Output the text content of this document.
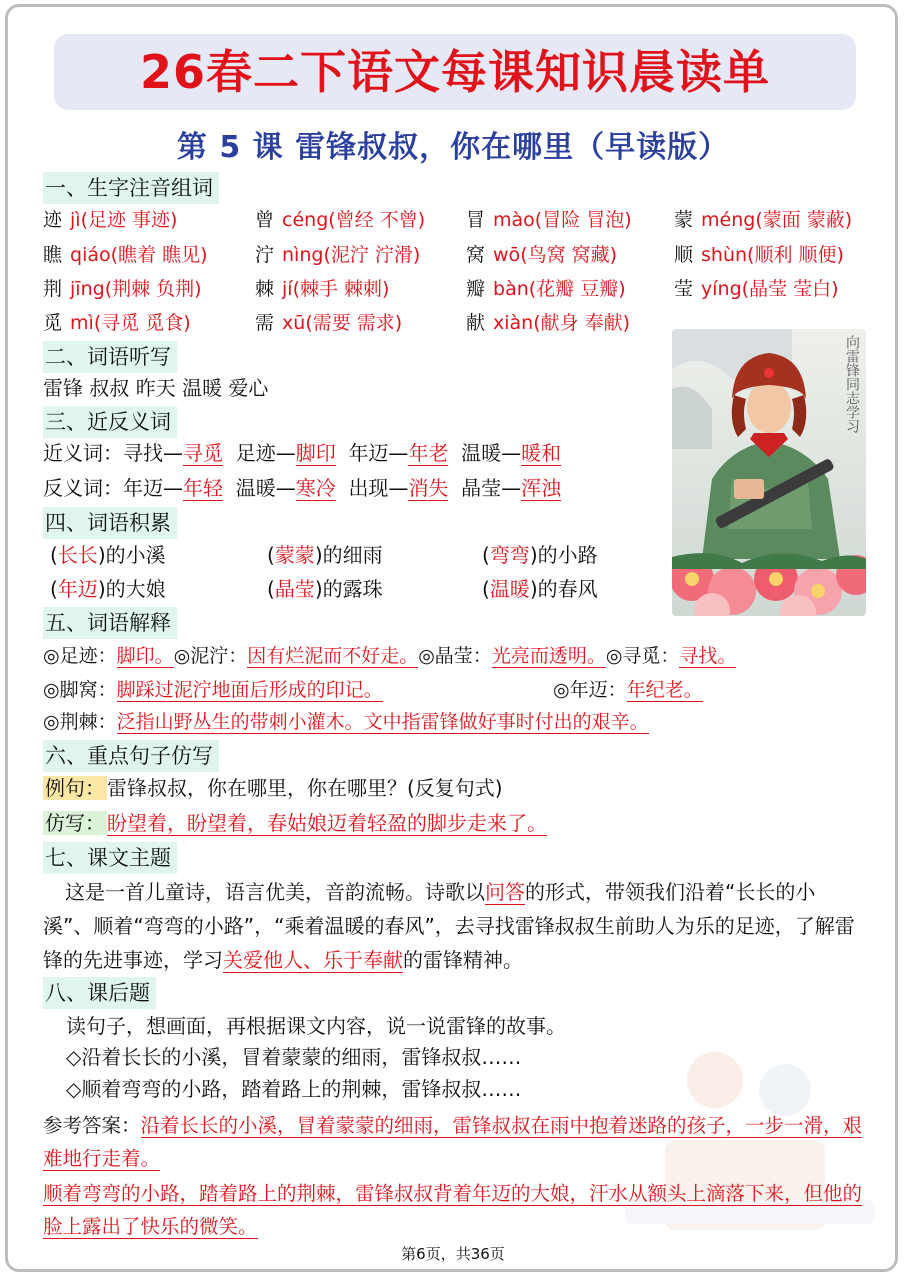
26春二下语文每课知识晨读单
第 5 课 雷锋叔叔，你在哪里（早读版）
一、生字注音组词
迹 jì(足迹 事迹)	曾 céng(曾经 不曾) 冒 mào(冒险 冒泡) 蒙 méng(蒙面 蒙蔽)
瞧 qiáo(瞧着 瞧见)	泞 nìng(泥泞 泞滑) 窝 wō(鸟窝 窝藏)	顺 shùn(顺利 顺便)
荆 jīng(荆棘 负荆)	棘 jí(棘手 棘刺)	瓣 bàn(花瓣 豆瓣)	莹 yíng(晶莹 莹白)
觅 mì(寻觅 觅食)	需 xū(需要 需求)	献 xiàn(献身 奉献)
向雷锋同志学习
二、词语听写
雷锋 叔叔 昨天 温暖 爱心
三、近反义词
近义词：寻找—寻觅 足迹—脚印 年迈—年老 温暖—暖和
反义词：年迈—年轻 温暖—寒冷 出现—消失 晶莹—浑浊
四、词语积累
(长长)的小溪	(蒙蒙)的细雨	(弯弯)的小路
(年迈)的大娘	(晶莹)的露珠	(温暖)的春风
五、词语解释
◎足迹：脚印。◎泥泞：因有烂泥而不好走。◎晶莹：光亮而透明。◎寻觅：寻找。
◎脚窝：脚踩过泥泞地面后形成的印记。	◎年迈：年纪老。
◎荆棘：泛指山野丛生的带刺小灌木。文中指雷锋做好事时付出的艰辛。
六、重点句子仿写
例句： 雷锋叔叔，你在哪里，你在哪里？(反复句式)
仿写： 盼望着，盼望着，春姑娘迈着轻盈的脚步走来了。
七、课文主题
这是一首儿童诗，语言优美，音韵流畅。诗歌以问答的形式，带领我们沿着“长长的小溪”、顺着“弯弯的小路”，“乘着温暖的春风”，去寻找雷锋叔叔生前助人为乐的足迹，了解雷锋的先进事迹，学习关爱他人、乐于奉献的雷锋精神。
八、课后题
读句子，想画面，再根据课文内容，说一说雷锋的故事。
◇沿着长长的小溪，冒着蒙蒙的细雨，雷锋叔叔……
◇顺着弯弯的小路，踏着路上的荆棘，雷锋叔叔……
参考答案：沿着长长的小溪，冒着蒙蒙的细雨，雷锋叔叔在雨中抱着迷路的孩子，一步一滑，艰难地行走着。
顺着弯弯的小路，踏着路上的荆棘，雷锋叔叔背着年迈的大娘，汗水从额头上滴落下来，但他的脸上露出了快乐的微笑。
第6页，共36页
